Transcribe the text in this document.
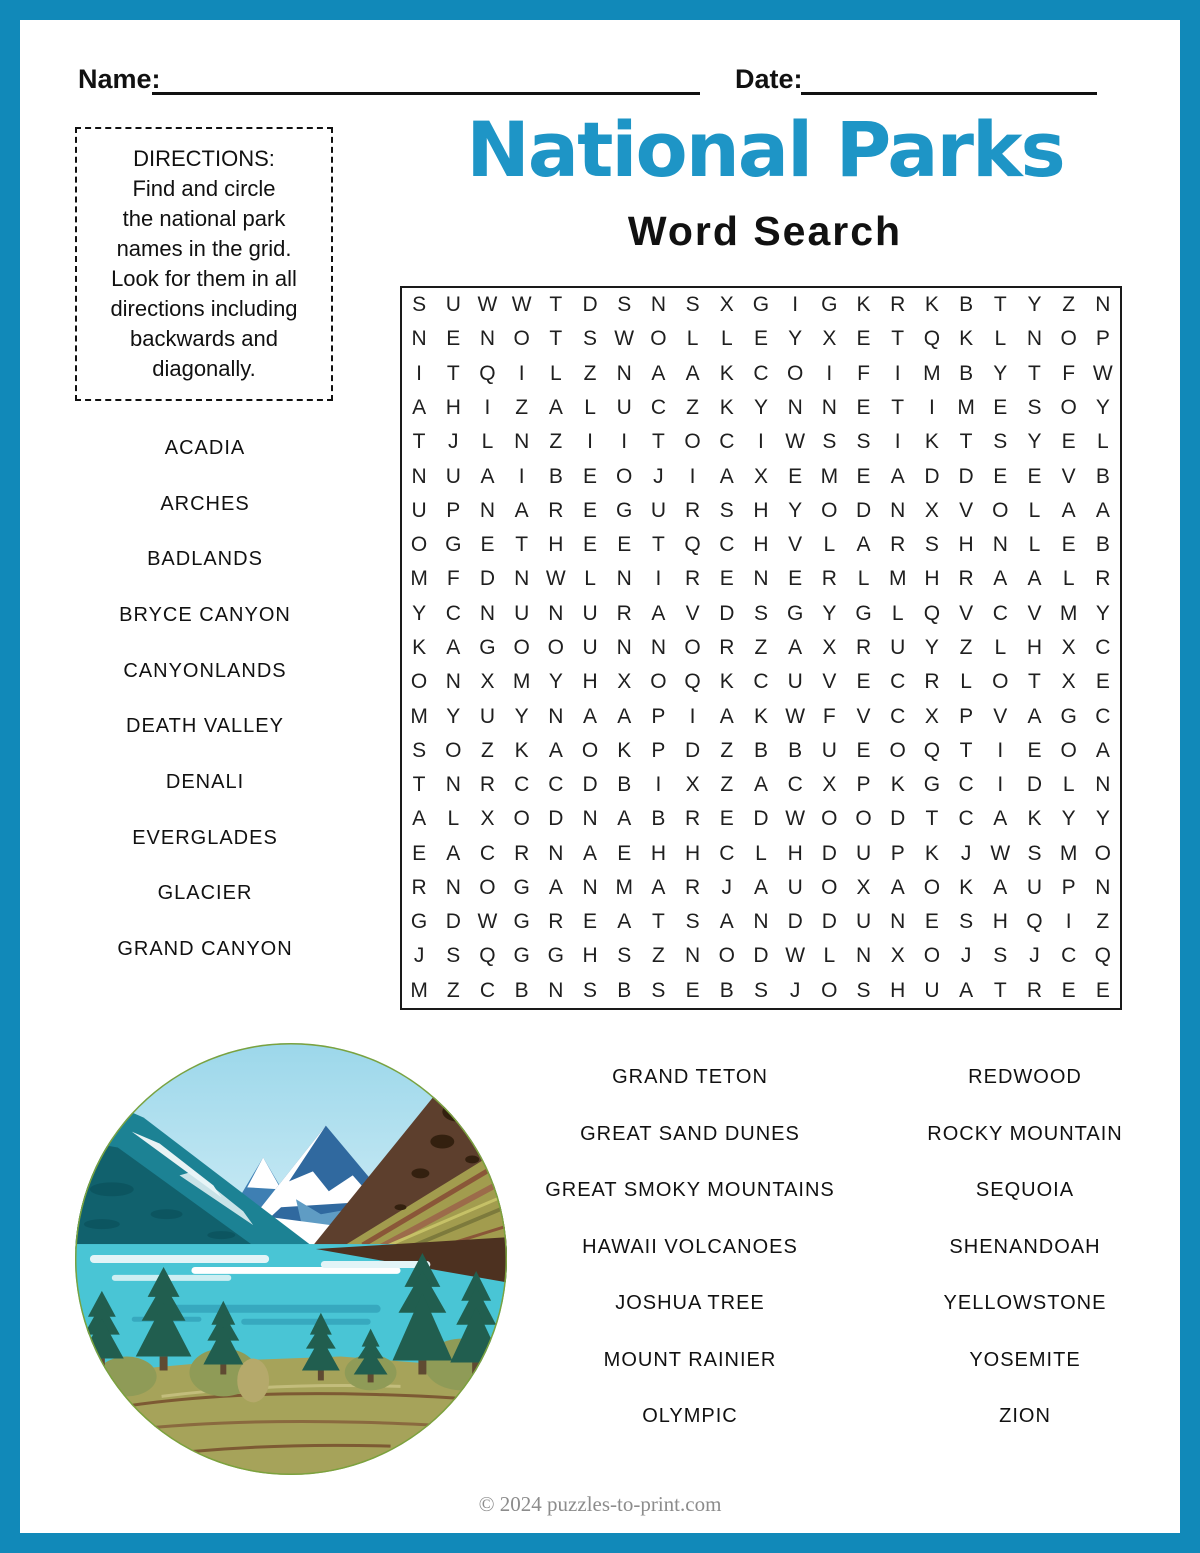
Name:	Date:
National Parks
Word Search
DIRECTIONS:
Find and circle
the national park
names in the grid.
Look for them in all
directions including
backwards and
diagonally.
ACADIA
ARCHES
BADLANDS
BRYCE CANYON
CANYONLANDS
DEATH VALLEY
DENALI
EVERGLADES
GLACIER
GRAND CANYON
S U W W T D S N S X G	I	G K R K B T Y Z N
N E N O T S W O L	L	E Y X E T Q K	L N O P
I	T Q	I	L	Z N A A K C O	I	F	I	M B Y T	F W
A H	I	Z A	L U C Z K Y N N E T	I	M E S O Y
T	J	L N Z	I	I	T O C	I	W S S	I	K T S Y E	L
N U A	I	B E O J	I	A X E M E A D D E E V B
U P N A R E G U R S H Y O D N X V O L	A A
O G E T H E E T Q C H V	L	A R S H N L	E B
M F D N W L N	I	R E N E R L M H R A A	L R
Y C N U N U R A V D S G Y G L Q V C V M Y
K A G O O U N N O R Z A X R U Y Z	L H X C
O N X M Y H X O Q K C U V E C R L O T X E
M Y U Y N A A P	I	A K W F V C X P V A G C
S O Z K A O K P D Z B B U E O Q T	I	E O A
T N R C C D B	I	X Z A C X P K G C	I	D L N
A	L	X O D N A B R E D W O O D T C A K Y Y
E A C R N A E H H C L H D U P K	J W S M O
R N O G A N M A R	J	A U O X A O K A U P N
G D W G R E A T S A N D D U N E S H Q	I	Z
J	S Q G G H S Z N O D W L N X O J	S	J	C Q
M Z C B N S B S E B S	J O S H U A T R E E
GRAND TETON
GREAT SAND DUNES
GREAT SMOKY MOUNTAINS
HAWAII VOLCANOES
JOSHUA TREE
MOUNT RAINIER
OLYMPIC
REDWOOD
ROCKY MOUNTAIN
SEQUOIA
SHENANDOAH
YELLOWSTONE
YOSEMITE
ZION
© 2024 puzzles-to-print.com
